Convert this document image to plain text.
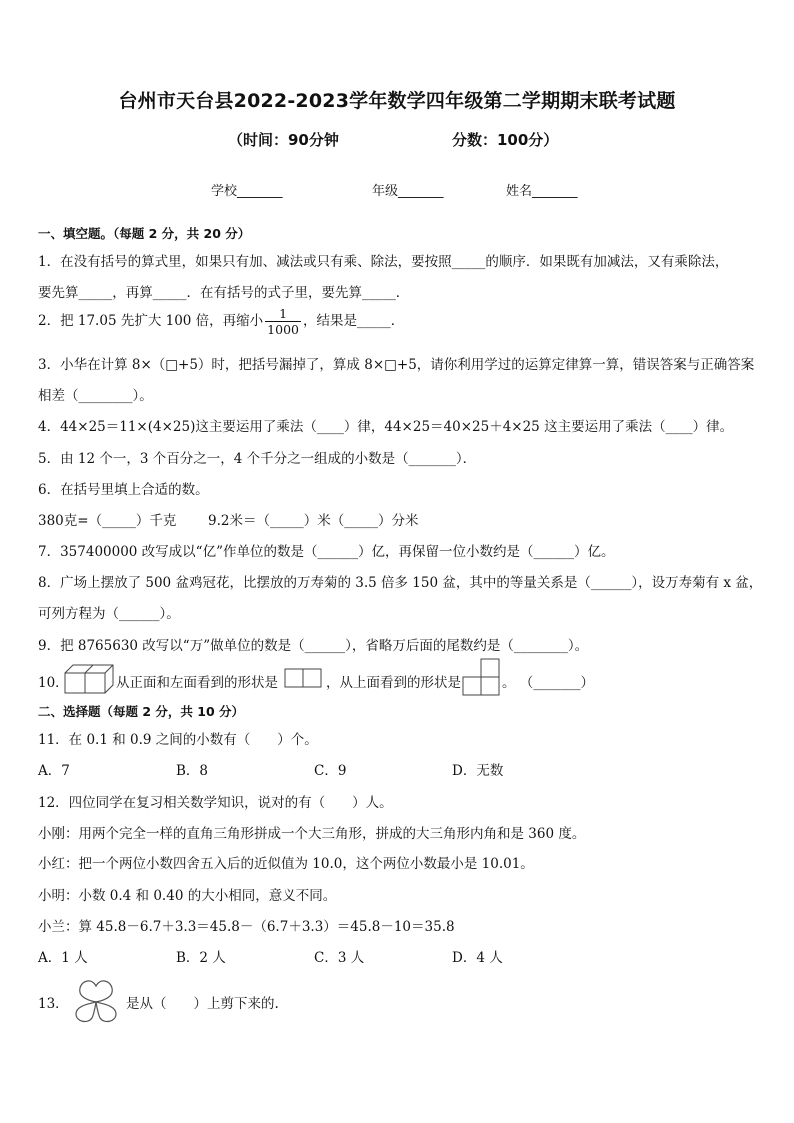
台州市天台县2022-2023学年数学四年级第二学期期末联考试题
（时间：90分钟	分数：100分）
学校_______	年级_______	姓名_______
一、填空题。（每题 2 分，共 20 分）
1．在没有括号的算式里，如果只有加、减法或只有乘、除法，要按照_____的顺序．如果既有加减法，又有乘除法，
要先算_____，再算_____．在有括号的式子里，要先算_____．
2．把 17.05 先扩大 100 倍，再缩小 $\frac{1}{1000}$ ，结果是_____．
3．小华在计算 8×（□+5）时，把括号漏掉了，算成 8×□+5，请你利用学过的运算定律算一算，错误答案与正确答案
相差（________）。
4．44×25＝11×(4×25)这主要运用了乘法（____）律，44×25＝40×25＋4×25 这主要运用了乘法（____）律。
5．由 12 个一，3 个百分之一，4 个千分之一组成的小数是（_______）．
6．在括号里填上合适的数。
380克=（_____）千克 9.2米＝（_____）米（_____）分米
7．357400000 改写成以“亿”作单位的数是（______）亿，再保留一位小数约是（______）亿。
8．广场上摆放了 500 盆鸡冠花，比摆放的万寿菊的 3.5 倍多 150 盆，其中的等量关系是（______），设万寿菊有 x 盆，
可列方程为（______）。
9．把 8765630 改写以“万”做单位的数是（______），省略万后面的尾数约是（________）。
10．	从正面和左面看到的形状是	，从上面看到的形状是	。 （_______）
二、选择题（每题 2 分，共 10 分）
11．在 0.1 和 0.9 之间的小数有（　　）个。
A．7	B．8	C．9	D．无数
12．四位同学在复习相关数学知识，说对的有（　　）人。
小刚：用两个完全一样的直角三角形拼成一个大三角形，拼成的大三角形内角和是 360 度。
小红：把一个两位小数四舍五入后的近似值为 10.0，这个两位小数最小是 10.01。
小明：小数 0.4 和 0.40 的大小相同，意义不同。
小兰：算 45.8－6.7＋3.3＝45.8－（6.7＋3.3）＝45.8－10＝35.8
A．1 人	B．2 人	C．3 人	D．4 人
13．	是从（　　）上剪下来的.
